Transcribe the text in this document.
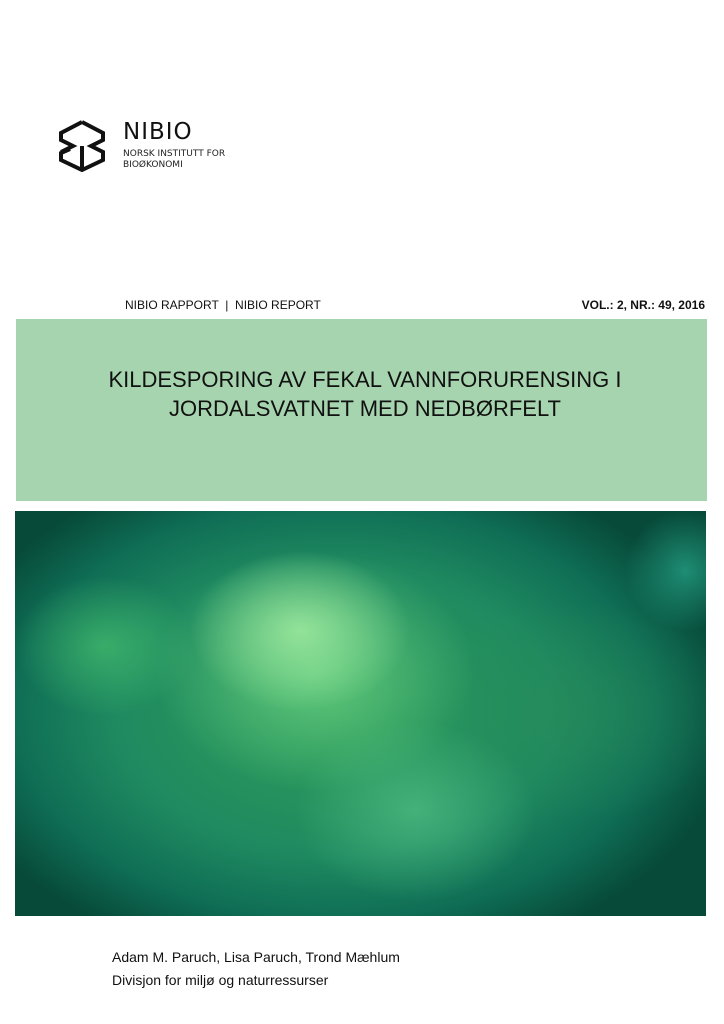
NIBIO
NORSK INSTITUTT FOR BIOØKONOMI
NIBIO RAPPORT  |  NIBIO REPORT	VOL.: 2, NR.: 49, 2016
KILDESPORING AV FEKAL VANNFORURENSING I JORDALSVATNET MED NEDBØRFELT
Adam M. Paruch, Lisa Paruch, Trond Mæhlum
Divisjon for miljø og naturressurser
